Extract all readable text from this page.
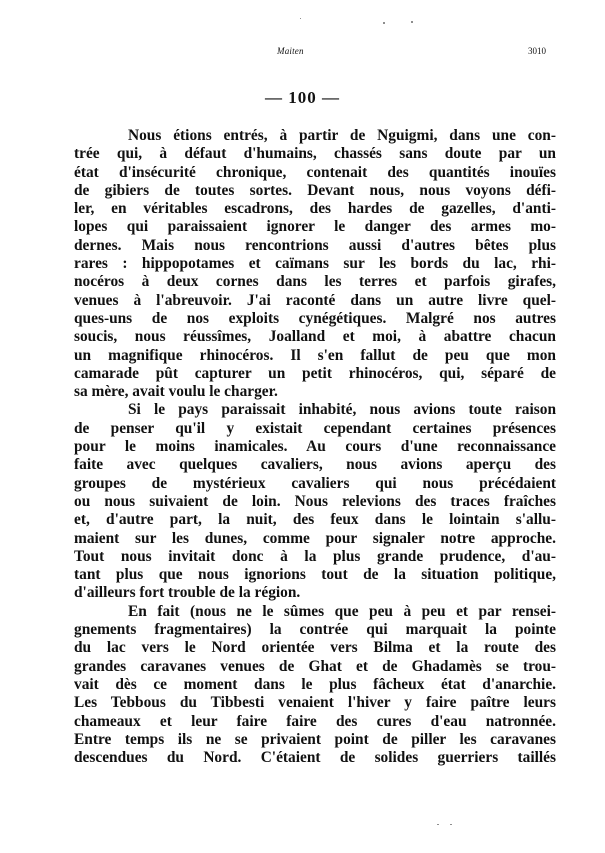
Maiten	3010
— 100 —
Nous étions entrés, à partir de Nguigmi, dans une con-
trée qui, à défaut d'humains, chassés sans doute par un
état d'insécurité chronique, contenait des quantités inouïes
de gibiers de toutes sortes. Devant nous, nous voyons défi-
ler, en véritables escadrons, des hardes de gazelles, d'anti-
lopes qui paraissaient ignorer le danger des armes mo-
dernes. Mais nous rencontrions aussi d'autres bêtes plus
rares : hippopotames et caïmans sur les bords du lac, rhi-
nocéros à deux cornes dans les terres et parfois girafes,
venues à l'abreuvoir. J'ai raconté dans un autre livre quel-
ques-uns de nos exploits cynégétiques. Malgré nos autres
soucis, nous réussîmes, Joalland et moi, à abattre chacun
un magnifique rhinocéros. Il s'en fallut de peu que mon
camarade pût capturer un petit rhinocéros, qui, séparé de
sa mère, avait voulu le charger.
Si le pays paraissait inhabité, nous avions toute raison
de penser qu'il y existait cependant certaines présences
pour le moins inamicales. Au cours d'une reconnaissance
faite avec quelques cavaliers, nous avions aperçu des
groupes de mystérieux cavaliers qui nous précédaient
ou nous suivaient de loin. Nous relevions des traces fraîches
et, d'autre part, la nuit, des feux dans le lointain s'allu-
maient sur les dunes, comme pour signaler notre approche.
Tout nous invitait donc à la plus grande prudence, d'au-
tant plus que nous ignorions tout de la situation politique,
d'ailleurs fort trouble de la région.
En fait (nous ne le sûmes que peu à peu et par rensei-
gnements fragmentaires) la contrée qui marquait la pointe
du lac vers le Nord orientée vers Bilma et la route des
grandes caravanes venues de Ghat et de Ghadamès se trou-
vait dès ce moment dans le plus fâcheux état d'anarchie.
Les Tebbous du Tibbesti venaient l'hiver y faire paître leurs
chameaux et leur faire faire des cures d'eau natronnée.
Entre temps ils ne se privaient point de piller les caravanes
descendues du Nord. C'étaient de solides guerriers taillés
